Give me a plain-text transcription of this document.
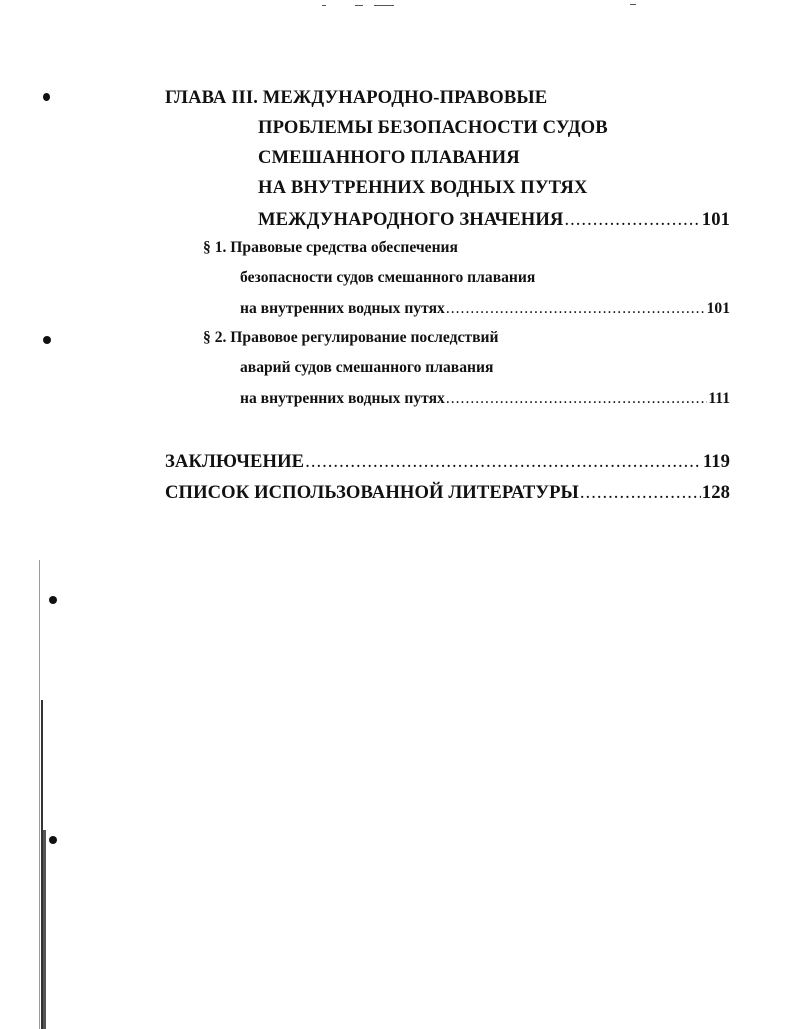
ГЛАВА III. МЕЖДУНАРОДНО-ПРАВОВЫЕ
ПРОБЛЕМЫ БЕЗОПАСНОСТИ СУДОВ
СМЕШАННОГО ПЛАВАНИЯ
НА ВНУТРЕННИХ ВОДНЫХ ПУТЯХ
МЕЖДУНАРОДНОГО ЗНАЧЕНИЯ .....	101
§ 1. Правовые средства обеспечения
безопасности судов смешанного плавания
на внутренних водных путях .....	101
§ 2. Правовое регулирование последствий
аварий судов смешанного плавания
на внутренних водных путях .....	111
ЗАКЛЮЧЕНИЕ .....	119
СПИСОК ИСПОЛЬЗОВАННОЙ ЛИТЕРАТУРЫ .....	128
